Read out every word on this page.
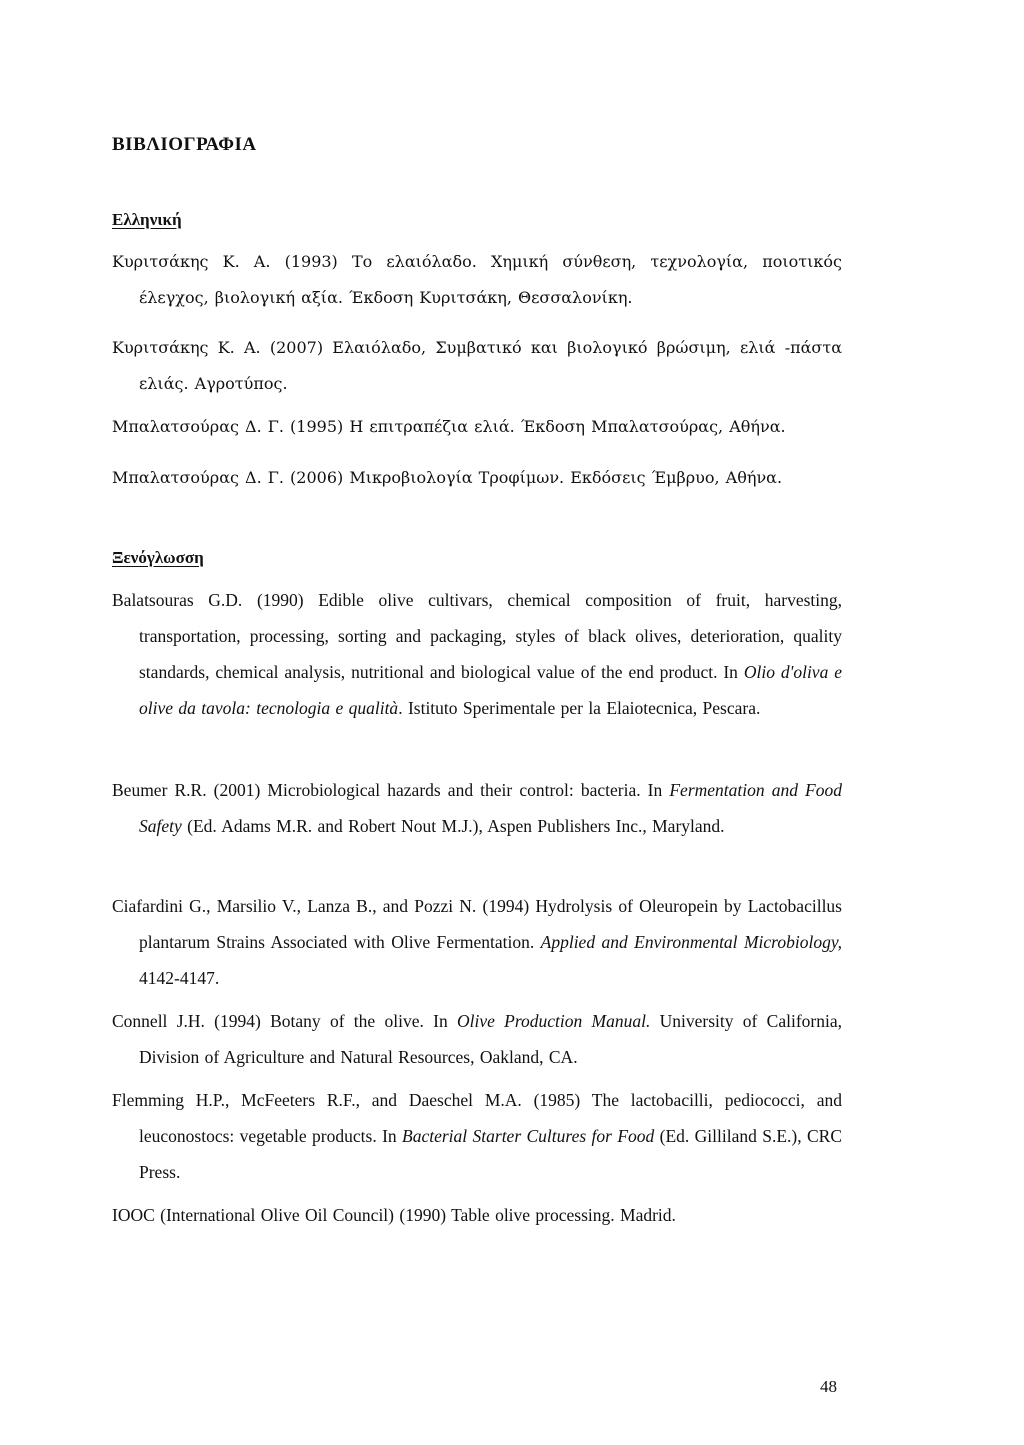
ΒΙΒΛΙΟΓΡΑΦΙΑ
Ελληνική
Κυριτσάκης Κ. Α. (1993) Το ελαιόλαδο. Χημική σύνθεση, τεχνολογία, ποιοτικός έλεγχος, βιολογική αξία. Έκδοση Κυριτσάκη, Θεσσαλονίκη.
Κυριτσάκης Κ. Α. (2007) Ελαιόλαδο, Συμβατικό και βιολογικό βρώσιμη, ελιά -πάστα ελιάς. Αγροτύπος.
Μπαλατσούρας Δ. Γ. (1995) Η επιτραπέζια ελιά. Έκδοση Μπαλατσούρας, Αθήνα.
Μπαλατσούρας Δ. Γ. (2006) Μικροβιολογία Τροφίμων. Εκδόσεις Έμβρυο, Αθήνα.
Ξενόγλωσση
Balatsouras G.D. (1990) Edible olive cultivars, chemical composition of fruit, harvesting, transportation, processing, sorting and packaging, styles of black olives, deterioration, quality standards, chemical analysis, nutritional and biological value of the end product. In Olio d'oliva e olive da tavola: tecnologia e qualità. Istituto Sperimentale per la Elaiotecnica, Pescara.
Beumer R.R. (2001) Microbiological hazards and their control: bacteria. In Fermentation and Food Safety (Ed. Adams M.R. and Robert Nout M.J.), Aspen Publishers Inc., Maryland.
Ciafardini G., Marsilio V., Lanza B., and Pozzi N. (1994) Hydrolysis of Oleuropein by Lactobacillus plantarum Strains Associated with Olive Fermentation. Applied and Environmental Microbiology, 4142-4147.
Connell J.H. (1994) Botany of the olive. In Olive Production Manual. University of California, Division of Agriculture and Natural Resources, Oakland, CA.
Flemming H.P., McFeeters R.F., and Daeschel M.A. (1985) The lactobacilli, pediococci, and leuconostocs: vegetable products. In Bacterial Starter Cultures for Food (Ed. Gilliland S.E.), CRC Press.
IOOC (International Olive Oil Council) (1990) Table olive processing. Madrid.
48
